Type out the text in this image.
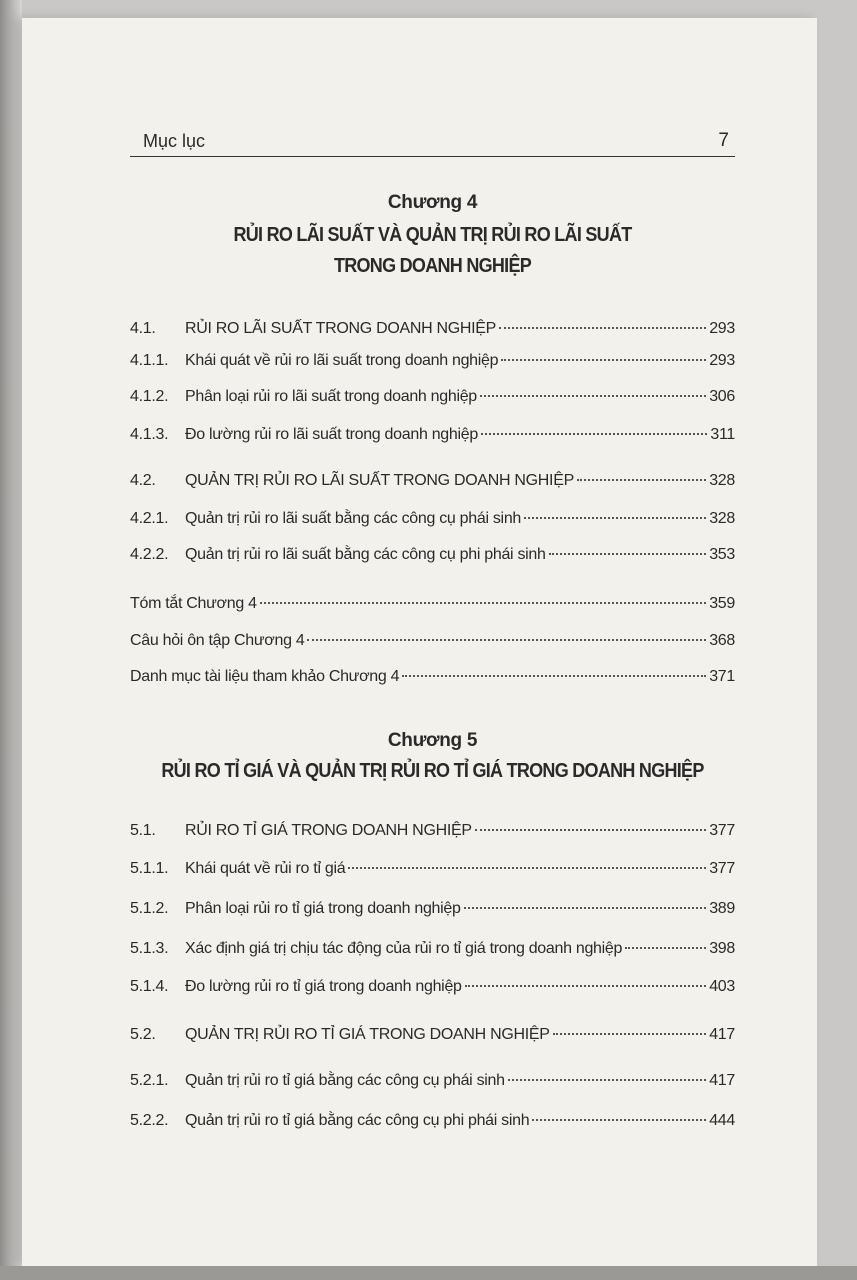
Mục lục	7
Chương 4
RỦI RO LÃI SUẤT VÀ QUẢN TRỊ RỦI RO LÃI SUẤT
TRONG DOANH NGHIỆP
4.1.	RỦI RO LÃI SUẤT TRONG DOANH NGHIỆP	293
4.1.1.	Khái quát về rủi ro lãi suất trong doanh nghiệp	293
4.1.2.	Phân loại rủi ro lãi suất trong doanh nghiệp	306
4.1.3.	Đo lường rủi ro lãi suất trong doanh nghiệp	311
4.2.	QUẢN TRỊ RỦI RO LÃI SUẤT TRONG DOANH NGHIỆP	328
4.2.1.	Quản trị rủi ro lãi suất bằng các công cụ phái sinh	328
4.2.2.	Quản trị rủi ro lãi suất bằng các công cụ phi phái sinh	353
Tóm tắt Chương 4	359
Câu hỏi ôn tập Chương 4	368
Danh mục tài liệu tham khảo Chương 4	371
Chương 5
RỦI RO TỈ GIÁ VÀ QUẢN TRỊ RỦI RO TỈ GIÁ TRONG DOANH NGHIỆP
5.1.	RỦI RO TỈ GIÁ TRONG DOANH NGHIỆP	377
5.1.1.	Khái quát về rủi ro tỉ giá	377
5.1.2.	Phân loại rủi ro tỉ giá trong doanh nghiệp	389
5.1.3.	Xác định giá trị chịu tác động của rủi ro tỉ giá trong doanh nghiệp	398
5.1.4.	Đo lường rủi ro tỉ giá trong doanh nghiệp	403
5.2.	QUẢN TRỊ RỦI RO TỈ GIÁ TRONG DOANH NGHIỆP	417
5.2.1.	Quản trị rủi ro tỉ giá bằng các công cụ phái sinh	417
5.2.2.	Quản trị rủi ro tỉ giá bằng các công cụ phi phái sinh	444
